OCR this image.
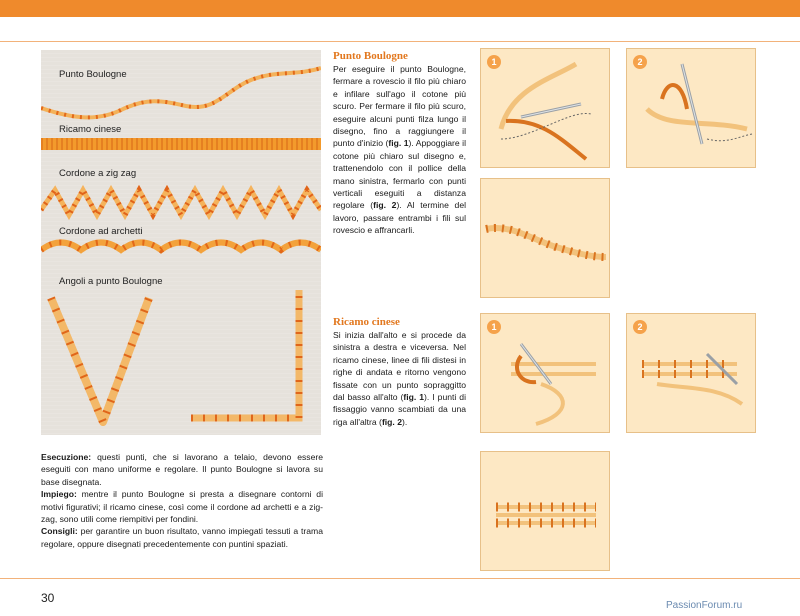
Punto Boulogne
Ricamo cinese
Cordone a zig zag
Cordone ad archetti
Angoli a punto Boulogne
Punto Boulogne
Per eseguire il punto Boulogne, fermare a rovescio il filo più chiaro e infilare sull'ago il cotone più scuro. Per fermare il filo più scuro, eseguire alcuni punti filza lungo il disegno, fino a raggiungere il punto d'inizio (fig. 1). Appoggiare il cotone più chiaro sul disegno e, trattenendolo con il pollice della mano sinistra, fermarlo con punti verticali eseguiti a distanza regolare (fig. 2). Al termine del lavoro, passare entrambi i fili sul rovescio e affrancarli.
Ricamo cinese
Si inizia dall'alto e si procede da sinistra a destra e viceversa. Nel ricamo cinese, linee di fili distesi in righe di andata e ritorno vengono fissate con un punto sopraggitto dal basso all'alto (fig. 1). I punti di fissaggio vanno scambiati da una riga all'altra (fig. 2).

Esecuzione: questi punti, che si lavorano a telaio, devono essere eseguiti con mano uniforme e regolare. Il punto Boulogne si lavora su base disegnata.

Impiego: mentre il punto Boulogne si presta a disegnare contorni di motivi figurativi; il ricamo cinese, così come il cordone ad archetti e a zig-zag, sono utili come riempitivi per fondini.

Consigli: per garantire un buon risultato, vanno impiegati tessuti a trama regolare, oppure disegnati precedentemente con puntini spaziati.

1	2
1	2
30
PassionForum.ru
